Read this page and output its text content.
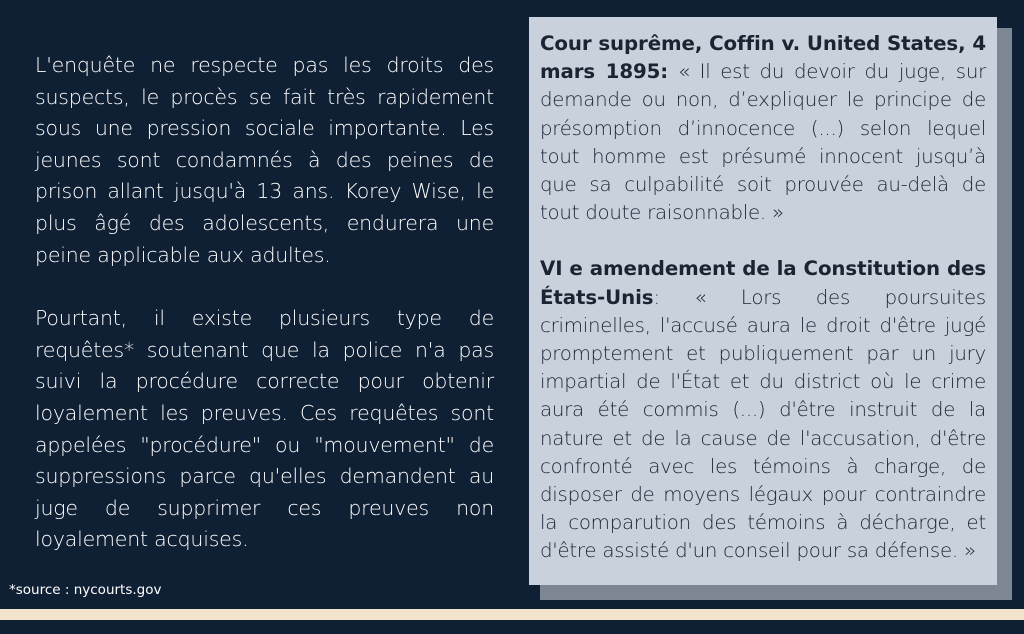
L'enquête ne respecte pas les droits des suspects, le procès se fait très rapidement sous une pression sociale importante. Les jeunes sont condamnés à des peines de prison allant jusqu'à 13 ans. Korey Wise, le plus âgé des adolescents, endurera une peine applicable aux adultes.

Pourtant, il existe plusieurs type de requêtes* soutenant que la police n'a pas suivi la procédure correcte pour obtenir loyalement les preuves. Ces requêtes sont appelées "procédure" ou "mouvement" de suppressions parce qu'elles demandent au juge de supprimer ces preuves non loyalement acquises.

*source : nycourts.gov

Cour suprême, Coffin v. United States, 4 mars 1895: « Il est du devoir du juge, sur demande ou non, d’expliquer le principe de présomption d’innocence (...) selon lequel tout homme est présumé innocent jusqu’à que sa culpabilité soit prouvée au-delà de tout doute raisonnable. »

VI e amendement de la Constitution des États-Unis: « Lors des poursuites criminelles, l'accusé aura le droit d'être jugé promptement et publiquement par un jury impartial de l'État et du district où le crime aura été commis (...) d'être instruit de la nature et de la cause de l'accusation, d'être confronté avec les témoins à charge, de disposer de moyens légaux pour contraindre la comparution des témoins à décharge, et d'être assisté d'un conseil pour sa défense. »
